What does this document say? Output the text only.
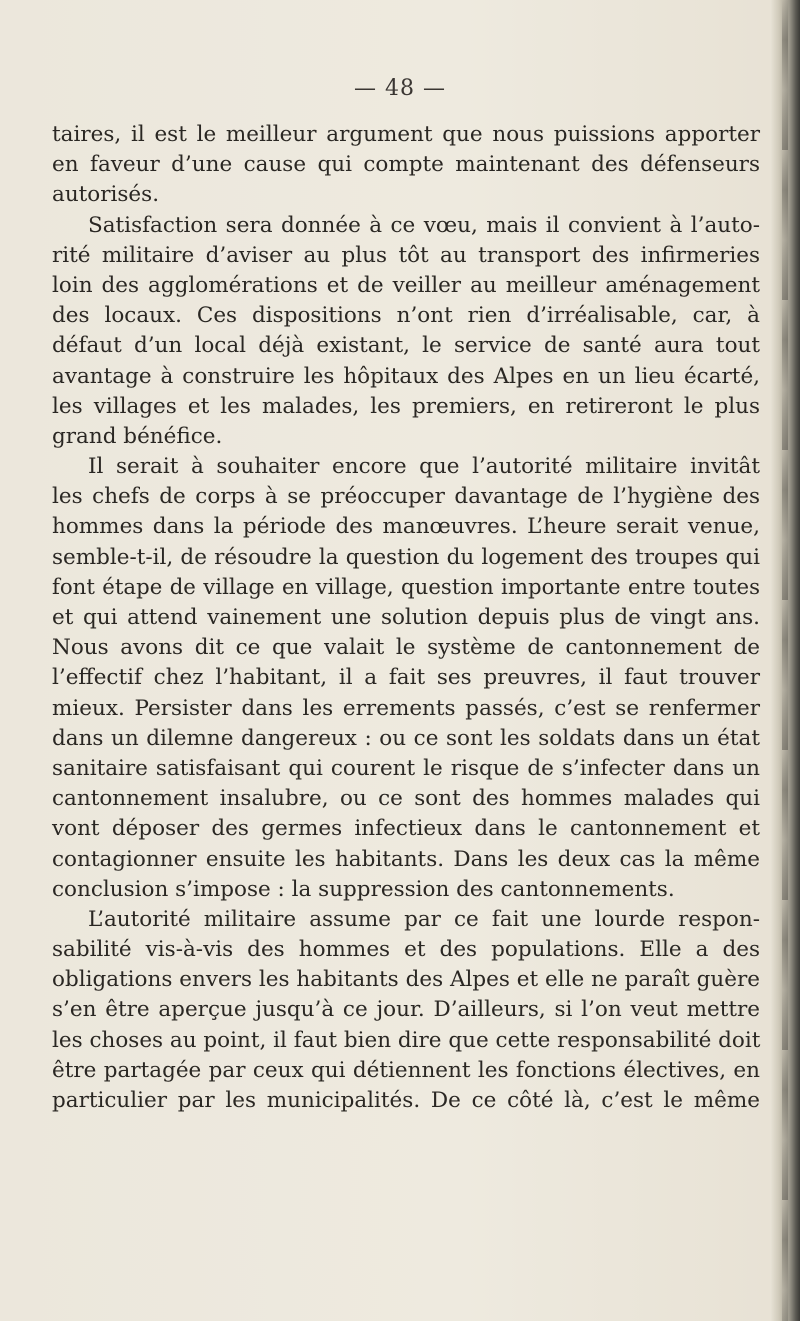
— 48 —
taires, il est le meilleur argument que nous puissions apporter
en faveur d’une cause qui compte maintenant des défenseurs
autorisés.
Satisfaction sera donnée à ce vœu, mais il convient à l’auto-
rité militaire d’aviser au plus tôt au transport des infirmeries
loin des agglomérations et de veiller au meilleur aménagement
des locaux. Ces dispositions n’ont rien d’irréalisable, car, à
défaut d’un local déjà existant, le service de santé aura tout
avantage à construire les hôpitaux des Alpes en un lieu écarté,
les villages et les malades, les premiers, en retireront le plus
grand bénéfice.
Il serait à souhaiter encore que l’autorité militaire invitât
les chefs de corps à se préoccuper davantage de l’hygiène des
hommes dans la période des manœuvres. L’heure serait venue,
semble-t-il, de résoudre la question du logement des troupes qui
font étape de village en village, question importante entre toutes
et qui attend vainement une solution depuis plus de vingt ans.
Nous avons dit ce que valait le système de cantonnement de
l’effectif chez l’habitant, il a fait ses preuvres, il faut trouver
mieux. Persister dans les errements passés, c’est se renfermer
dans un dilemne dangereux : ou ce sont les soldats dans un état
sanitaire satisfaisant qui courent le risque de s’infecter dans un
cantonnement insalubre, ou ce sont des hommes malades qui
vont déposer des germes infectieux dans le cantonnement et
contagionner ensuite les habitants. Dans les deux cas la même
conclusion s’impose : la suppression des cantonnements.
L’autorité militaire assume par ce fait une lourde respon-
sabilité vis-à-vis des hommes et des populations. Elle a des
obligations envers les habitants des Alpes et elle ne paraît guère
s’en être aperçue jusqu’à ce jour. D’ailleurs, si l’on veut mettre
les choses au point, il faut bien dire que cette responsabilité doit
être partagée par ceux qui détiennent les fonctions électives, en
particulier par les municipalités. De ce côté là, c’est le même
